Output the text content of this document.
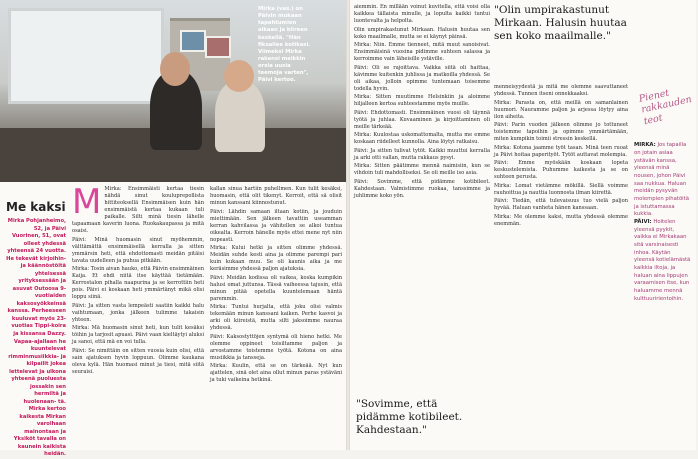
Mirka (vas.) on Päivin mukaan tapahtumien aikaan ja kiireen keskellä. "Hän fiksailee kotikasi. Viimeksi Mirka rakensi meikkin orsia uusia teemoja varten", Päivi kertoo.
Me kaksi
Mirka Pohjanheimo, 52, ja Päivi Vuorinen, 51, ovat olleet yhdessä yhteensä 24 vuotta. He tekevät kirjoihin- ja käännöstöitä yhteisessä yrityksessään ja asuvat Outoosa 9-vuotiaiden kaksosyökkeinsä kanssa. Perheeseen kuuluvat myös 23-vuotias Tippi-koira ja kissansa Dazzy. Vapaa-ajallaan he kuuntelevat rimminmusiikkia- ja kilpailit jokea lettelevat ja ulkona yhteenä puoluesta jossakin sen hermiltä ja huolenaan- tä. Mirka kertoo kaikesta Mirkan varolhaan mainontaan ja Yksiköt tavalla on kaunein kaikista heidän.
M Mirka: Ensimmäisti kertaa tiesin nähdä sinut kouluprepollista hittiteoksellä Ensimmäisen kuin hän ensimmäistä kertaa kukaan tuli paikalle. Silti minä tiesin lähelle tapaamaan kaverin luona. Ruokakaupassa ja mitä osaisi.

Päivi: Minä huomasin sinut myöhemmin, välttämättä ensimmäisellä kerralla ja sitten ymmärsin heti, että ehdottomasti meidän pitäisi tavata uudelleen ja puhua pitkään.

Mirka: Tosin aivan hauko, että Päivin ensimmäinen Kaija. Et ehdi niitä itse käyttää tietämään. Kerrostalon pihalla naapurina ja se kerrottiin heti pois. Päivi ei koskaan heti ymmärtänyt mikä olisi loppu siinä.

Päivi: Ja sitten vasta lempeästi saatiin kaikki halu vaihtumaan, jonka jälkeen tulimme takaisin yhteen.

Mirka: Mä huomasin sinut heti, kun tulit kesäksi töihin ja tarjosit apuasi. Päivi vaan kieltäytyi aluksi ja sanoi, että mä en voi tulla.

Päivi: Se nimittäin on sitten vuosia kuin olisi, että sain ajatuksen hyvin loppuun. Olimme kaukana oleva kylä. Hän huomasi minut ja tiesi, mitä siitä seuraisi.

kallan sinua hartiin puhellmen. Kun tulit kesäksi, huomasin, että olit tikenyt. Kerroit, että sä olisit minun kanssani kiinnostunut.

Päivi: Lähdin samaan iltaan kotiin, ja jouduin miettimään. Sen jälkeen tavattiin useamman kerran kahvilassa ja vähitellen se alkoi tuntua oikealta. Kerroin hänelle myös ettei mene nyt niin nopeasti.

Mirka: Kului hetki ja sitten olimme yhdessä. Meidän suhde kesti aina ja olimme parempi pari kuin kukaan muu. Se oli kaunis aika ja me keräsimme yhdessä paljon ajatuksia.

Päivi: Meidän kodissa oli vaikea, koska kumpikin halusi omat juttunsa. Tässä vaiheessa tajusin, että minun pitää opetella kuuntelemaan häntä paremmin.

Mirka: Tuntui hurjalta, että joku olisi valmis tekemään minun kanssani kaiken. Perhe kasvoi ja arki oli kiireistä, mutta silti jaksoimme nauraa yhdessä.

Päivi: Kaksostyttöjen syntymä oli hieno hetki. Me olemme oppineet toisiltamme paljon ja arvostamme toistemme työtä. Kotona on aina musiikkia ja tansseja.

Mirka: Kuulin, että se on tärkeää. Nyt kun ajattelen, sinä olet aina ollut minun paras ystäväni ja tuki vaikeina hetkinä.

aiemmin. En millään voinut kuvitella, että voisi olla kaikkea tällaista minulle, ja lopulta kaikki tuntui luontevalta ja helpolta.

Olin umpirakastunut Mirkaan. Halusin huutaa sen koko maailmalle, mutta se ei käynyt päinsä.

Mirka: Niin. Emme tienneet, mitä muut sanoisivat. Ensimmäisinä vuosina pidimme suhteen salassa ja kerroimme vain läheisille ystäville.

Päivi: Oli se rajoittava. Vaikka siitä oli haittaa, kävimme kuitenkin juhlissa ja matkoilla yhdessä. Se oli aikaa, jolloin opimme tuntemaan toisemme todella hyvin.

Mirka: Sitten muutimme Helsinkiin ja aloimme hiljalleen kertoa suhteestamme myös muille.

Päivi: Ehdottomasti. Ensimmäinen vuosi oli täynnä työtä ja juhlaa. Kuvaaminen ja kirjoittaminen oli meille tärkeää.

Mirka: Kuulostaa uskomattomalta, mutta me emme koskaan riidelleet kunnolla. Aina löytyi ratkaisu.

Päivi: Ja sitten tulivat tytöt. Kaikki muuttui kerralla ja arki otti vallan, mutta rakkaus pysyi.

Mirka: Sitten päätimme mennä naimisiin, kun se vihdoin tuli mahdolliseksi. Se oli meille iso asia.

Päivi: Sovimme, että pidämme kotibileet. Kahdestaan. Valmistimme ruokaa, tanssimme ja juhlimme koko yön.

"Olin umpirakastunut Mirkaan. Halusin huutaa sen koko maailmalle."

menneisyydestä ja mitä me olemme saavuttaneet yhdessä. Tunnen itseni onnekkaaksi.

Mirka: Parasta on, että meillä on samanlainen huumori. Nauramme paljon ja arjessa löytyy aina ilon aiheita.

Päivi: Parin vuoden jälkeen olimme jo tottuneet toistemme tapoihin ja opimme ymmärtämään, miten kumpikin toimii stressin keskellä.

Mirka: Kotona jaamme työt tasan. Minä teen ruoat ja Päivi hoitaa paperityöt. Tytöt auttavat molempia.

Päivi: Emme myöskään koskaan lopeta keskustelemista. Puhumme kaikesta ja se on suhteen perusta.

Mirka: Lomat vietämme mökillä. Siellä voimme rauhoittua ja nauttia luonnosta ilman kiirettä.

Päivi: Tiedän, että tulevaisuus tuo vielä paljon hyvää. Haluan vanheta hänen kanssaan.

Mirka: Me olemme kaksi, mutta yhdessä olemme enemmän.

"Sovimme, että pidämme kotibileet. Kahdestaan."
Pienet rakkauden teot
MIRKA: Jos tapailla on jotain asiaa ystävän kanssa, yleensä minä nousen, johon Päivi saa nukkua. Haluan meidän pysyvän molempien pihatöitä ja istuttamassa kukkia.
PÄIVI: Hoitelen yleensä pyykit, vaikka ei Mirkakaan sitä varsinaisesti inhoa. Käytän yleensä kotielämästä kaikkia iltoja, ja haluan aina lippujen varaamisen itse, kun haluamme mennä kulttuuririentoihin.
